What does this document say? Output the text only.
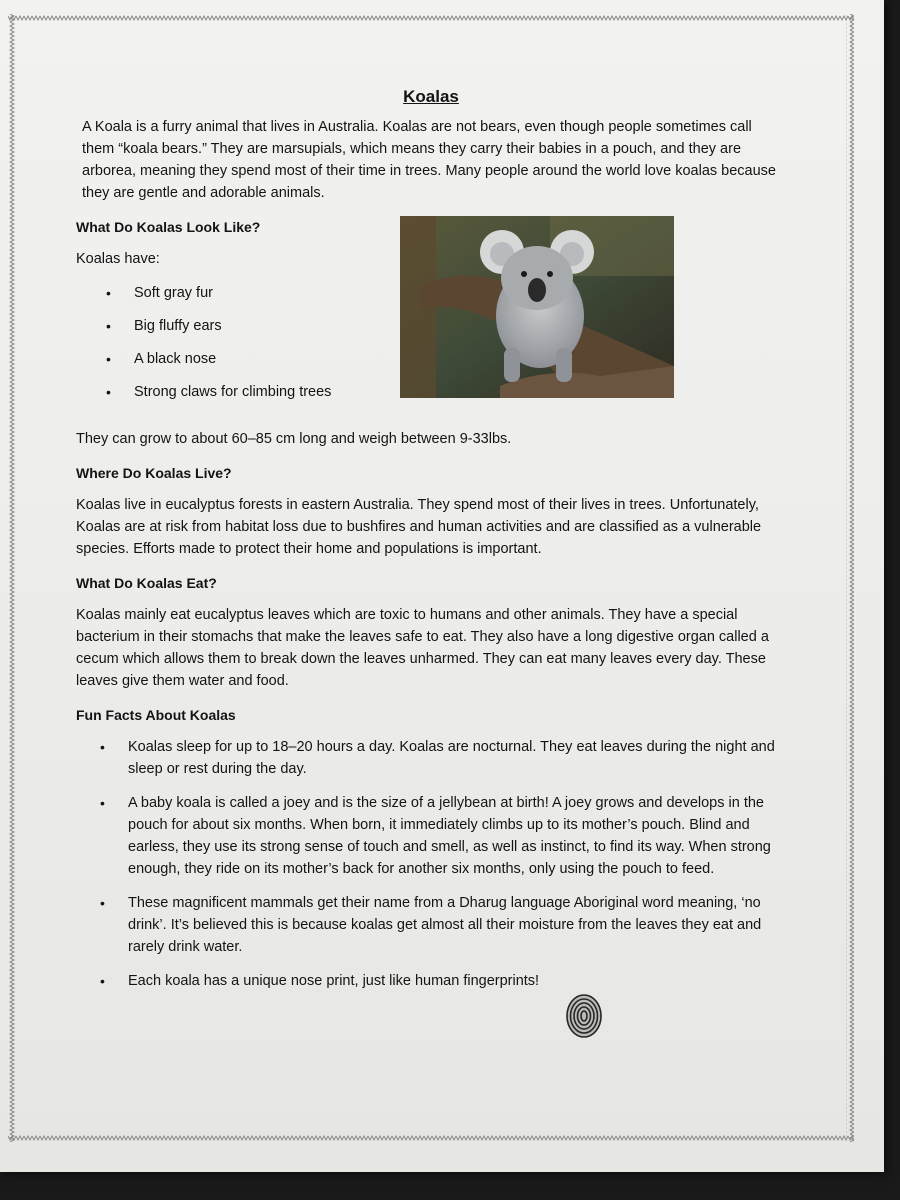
Koalas

A Koala is a furry animal that lives in Australia. Koalas are not bears, even though people sometimes call them “koala bears.” They are marsupials, which means they carry their babies in a pouch, and they are arborea, meaning they spend most of their time in trees. Many people around the world love koalas because they are gentle and adorable animals.

What Do Koalas Look Like?

Koalas have:

• Soft gray fur
• Big fluffy ears
• A black nose
• Strong claws for climbing trees

They can grow to about 60–85 cm long and weigh between 9-33lbs.

Where Do Koalas Live?

Koalas live in eucalyptus forests in eastern Australia. They spend most of their lives in trees. Unfortunately, Koalas are at risk from habitat loss due to bushfires and human activities and are classified as a vulnerable species. Efforts made to protect their home and populations is important.

What Do Koalas Eat?

Koalas mainly eat eucalyptus leaves which are toxic to humans and other animals. They have a special bacterium in their stomachs that make the leaves safe to eat. They also have a long digestive organ called a cecum which allows them to break down the leaves unharmed. They can eat many leaves every day. These leaves give them water and food.

Fun Facts About Koalas
• Koalas sleep for up to 18–20 hours a day. Koalas are nocturnal. They eat leaves during the night and sleep or rest during the day.
• A baby koala is called a joey and is the size of a jellybean at birth! A joey grows and develops in the pouch for about six months. When born, it immediately climbs up to its mother’s pouch. Blind and earless, they use its strong sense of touch and smell, as well as instinct, to find its way. When strong enough, they ride on its mother’s back for another six months, only using the pouch to feed.
• These magnificent mammals get their name from a Dharug language Aboriginal word meaning, ‘no drink’. It’s believed this is because koalas get almost all their moisture from the leaves they eat and rarely drink water.
• Each koala has a unique nose print, just like human fingerprints!
